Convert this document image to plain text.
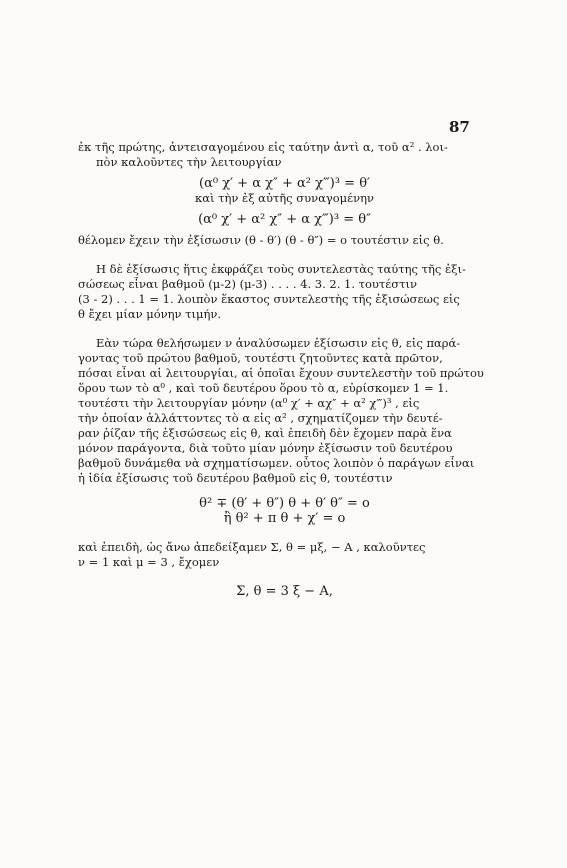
87
ἐκ τῆς πρώτης, ἀντεισαγομένου εἰς ταύτην ἀντὶ α, τοῦ α² . λοι-
πὸν καλοῦντες τὴν λειτουργίαν
(α⁰ χ′ + α χ″ + α² χ‴)³ = θ′
καὶ τὴν ἐξ αὐτῆς συναγομένην
(α⁰ χ′ + α² χ″ + α χ‴)³ = θ″
θέλομεν ἔχειν τὴν ἐξίσωσιν (θ - θ′) (θ - θ″) = ο τουτέστιν εἰς θ.
Η δὲ ἐξίσωσις ἥτις ἐκφράζει τοὺς συντελεστὰς ταύτης τῆς ἐξι-
σώσεως εἶναι βαθμοῦ (μ-2) (μ-3) . . . . 4. 3. 2. 1. τουτέστιν
(3 - 2) . . . 1 = 1. λοιπὸν ἕκαστος συντελεστὴς τῆς ἐξισώσεως εἰς
θ ἔχει μίαν μόνην τιμήν.
Εὰν τώρα θελήσωμεν ν ἀναλύσωμεν ἐξίσωσιν εἰς θ, εἰς παρά-
γοντας τοῦ πρώτου βαθμοῦ, τουτέστι ζητοῦντες κατὰ πρῶτον,
πόσαι εἶναι αἱ λειτουργίαι, αἱ ὁποῖαι ἔχουν συντελεστὴν τοῦ πρώτου
ὅρου των τὸ α⁰ , καὶ τοῦ δευτέρου ὅρου τὸ α, εὑρίσκομεν 1 = 1.
τουτέστι τὴν λειτουργίαν μόνην (α⁰ χ′ + αχ″ + α² χ‴)³ , εἰς
τὴν ὁποίαν ἀλλάττοντες τὸ α εἰς α² , σχηματίζομεν τὴν δευτέ-
ραν ῥίζαν τῆς ἐξισώσεως εἰς θ, καὶ ἐπειδὴ δὲν ἔχομεν παρὰ ἕνα
μόνον παράγοντα, διὰ τοῦτο μίαν μόνην ἐξίσωσιν τοῦ δευτέρου
βαθμοῦ δυνάμεθα νὰ σχηματίσωμεν. οὗτος λοιπὸν ὁ παράγων εἶναι
ἡ ἰδία ἐξίσωσις τοῦ δευτέρου βαθμοῦ εἰς θ, τουτέστιν
θ² ∓ (θ′ + θ″) θ + θ′ θ″ = ο
ἢ θ² + π θ + χ′ = ο
καὶ ἐπειδὴ, ὡς ἄνω ἀπεδείξαμεν Σ, θ = μξ, − Α , καλοῦντες
ν = 1 καὶ μ = 3 , ἔχομεν
Σ, θ = 3 ξ − Α,
